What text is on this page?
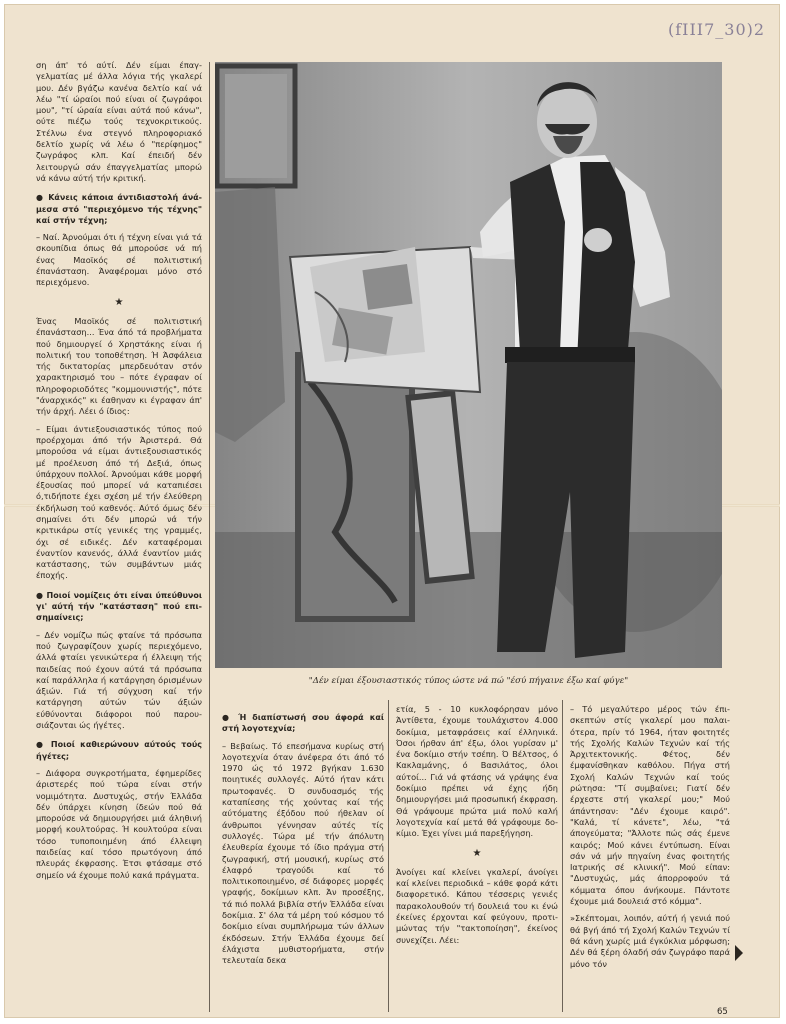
(fIII7_30)2

ση άπ' τό αύτί. Δέν είμαι έπαγγελματίας μέ άλλα λόγια τής γκαλερί μου. Δέν βγάζω κανένα δελτίο καί νά λέω "τί ώραίοι πού είναι οί ζωγράφοι μου", "τί ώραία είναι αύτά πού κάνω", ούτε πιέζω τούς τεχνοκριτικούς. Στέλνω ένα στεγνό πληροφοριακό δελτίο χωρίς νά λέω ό "περίφημος" ζωγράφος κλπ. Καί έπειδή δέν λειτουργώ σάν έπαγγελματίας μπορώ νά κάνω αύτή τήν κριτική.

● Κάνεις κάποια άντιδιαστολή άνάμεσα στό "περιεχόμενο τής τέχνης" καί στήν τέχνη;

– Ναί. Άρνούμαι ότι ή τέχνη είναι γιά τά σκουπίδια όπως θά μπορούσε νά πή ένας Μαοϊκός σέ πολιτιστική έπανάσταση. Άναφέρομαι μόνο στό περιεχόμενο.

★

Ένας Μαοϊκός σέ πολιτιστική έπανάσταση... Ένα άπό τά προβλήματα πού δημιουργεί ό Χρηστάκης είναι ή πολιτική του τοποθέτηση. Ή Άσφάλεια τής δικτατορίας μπερδευόταν στόν χαρακτηρισμό του – πότε έγραφαν οί πληροφοριοδότες "κομμουνιστής", πότε "άναρχικός" κι έαθηναν κι έγραφαν άπ' τήν άρχή. Λέει ό ίδιος:

– Είμαι άντιεξουσιαστικός τύπος πού προέρχομαι άπό τήν Άριστερά. Θά μπορούσα νά είμαι άντιεξουσιαστικός μέ προέλευση άπό τή Δεξιά, όπως ύπάρχουν πολλοί. Άρνούμαι κάθε μορφή έξουσίας πού μπορεί νά καταπιέσει ό,τιδήποτε έχει σχέση μέ τήν έλεύθερη έκδήλωση τού καθενός. Αύτό όμως δέν σημαίνει ότι δέν μπορώ νά τήν κριτικάρω στίς γενικές της γραμμές, όχι σέ ειδικές. Δέν καταφέρομαι έναντίον κανενός, άλλά έναντίον μιάς κατάστασης, τών συμβάντων μιάς έποχής.

● Ποιοί νομίζεις ότι είναι ύπεύθυνοι γι' αύτή τήν "κατάσταση" πού επισημαίνεις;

– Δέν νομίζω πώς φταίνε τά πρόσωπα πού ζωγραφίζουν χωρίς περιεχόμενο, άλλά φταίει γενικώτερα ή έλλειψη τής παιδείας πού έχουν αύτά τά πρόσωπα καί παράλληλα ή κατάργηση όρισμένων άξιών. Γιά τή σύγχυση καί τήν κατάργηση αύτών τών άξιών εύθύνονται διάφοροι πού παρουσιάζονται ώς ήγέτες.

● Ποιοί καθιερώνουν αύτούς τούς ήγέτες;

– Διάφορα συγκροτήματα, έφημερίδες άριστερές πού τώρα είναι στήν νομιμότητα. Δυστυχώς, στήν Έλλάδα δέν ύπάρχει κίνηση ίδεών πού θά μπορούσε νά δημιουργήσει μιά άληθινή μορφή κουλτούρας. Ή κουλτούρα είναι τόσο τυποποιημένη άπό έλλειψη παιδείας καί τόσο πρωτόγονη άπό πλευράς έκφρασης. Έτσι φτάσαμε στό σημείο νά έχουμε πολύ κακά πράγματα.

"Δέν είμαι έξουσιαστικός τύπος ώστε νά πώ "έσύ πήγαινε έξω καί φύγε"

● Ή διαπίστωσή σου άφορά καί στή λογοτεχνία;

– Βεβαίως. Τό επεσήμανα κυρίως στή λογοτεχνία όταν άνέφερα ότι άπό τό 1970 ώς τό 1972 βγήκαν 1.630 ποιητικές συλλογές. Αύτό ήταν κάτι πρωτοφανές. Ό συνδυασμός τής καταπίεσης τής χούντας καί τής αύτόματης έξόδου πού ήθελαν οί άνθρωποι γέννησαν αύτές τίς συλλογές. Τώρα μέ τήν άπόλυτη έλευθερία έχουμε τό ίδιο πράγμα στή ζωγραφική, στή μουσική, κυρίως στό έλαφρό τραγούδι καί τό πολιτικοποιημένο, σέ διάφορες μορφές γραφής, δοκίμιων κλπ. Άν προσέξης, τά πιό πολλά βιβλία στήν Έλλάδα είναι δοκίμια. Σ' όλα τά μέρη τού κόσμου τό δοκίμιο είναι συμπλήρωμα τών άλλων έκδόσεων. Στήν Έλλάδα έχουμε δεί έλάχιστα μυθιστορήματα, στήν τελευταία δεκα

ετία, 5 - 10 κυκλοφόρησαν μόνο Άντίθετα, έχουμε τουλάχιστον 4.000 δοκίμια, μεταφράσεις καί έλληνικά. Όσοι ήρθαν άπ' έξω, όλοι γυρίσαν μ' ένα δοκίμιο στήν τσέπη. Ό Βέλτσος, ό Κακλαμάνης, ό Βασιλάτος, όλοι αύτοί... Γιά νά φτάσης νά γράψης ένα δοκίμιο πρέπει νά έχης ήδη δημιουργήσει μιά προσωπική έκφραση. Θά γράψουμε πρώτα μιά πολύ καλή λογοτεχνία καί μετά θά γράφουμε δοκίμιο. Έχει γίνει μιά παρεξήγηση.

★

Άνοίγει καί κλείνει γκαλερί, άνοίγει καί κλείνει περιοδικά – κάθε φορά κάτι διαφορετικό. Κάπου τέσσερις γενιές παρακολουθούν τή δουλειά του κι ένώ έκείνες έρχονται καί φεύγουν, προτιμώντας τήν "τακτοποίηση", έκείνος συνεχίζει. Λέει:

– Τό μεγαλύτερο μέρος τών έπισκεπτών στίς γκαλερί μου παλαιότερα, πρίν τό 1964, ήταν φοιτητές τής Σχολής Καλών Τεχνών καί τής Άρχιτεκτονικής. Φέτος, δέν έμφανίσθηκαν καθόλου. Πήγα στή Σχολή Καλών Τεχνών καί τούς ρώτησα: "Τί συμβαίνει; Γιατί δέν έρχεστε στή γκαλερί μου;" Μού άπάντησαν: "Δέν έχουμε καιρό". "Καλά, τί κάνετε", λέω, "τά άπογεύματα; "Άλλοτε πώς σάς έμενε καιρός; Μού κάνει έντύπωση. Είναι σάν νά μήν πηγαίνη ένας φοιτητής Ιατρικής σέ κλινική". Μού είπαν: "Δυστυχώς, μάς άπορροφούν τά κόμματα όπου άνήκουμε. Πάντοτε έχουμε μιά δουλειά στό κόμμα".

»Σκέπτομαι, λοιπόν, αύτή ή γενιά πού θά βγή άπό τή Σχολή Καλών Τεχνών τί θά κάνη χωρίς μιά έγκύκλια μόρφωση; Δέν θά ξέρη όλαδή σάν ζωγράφο παρά μόνο τόν

65
